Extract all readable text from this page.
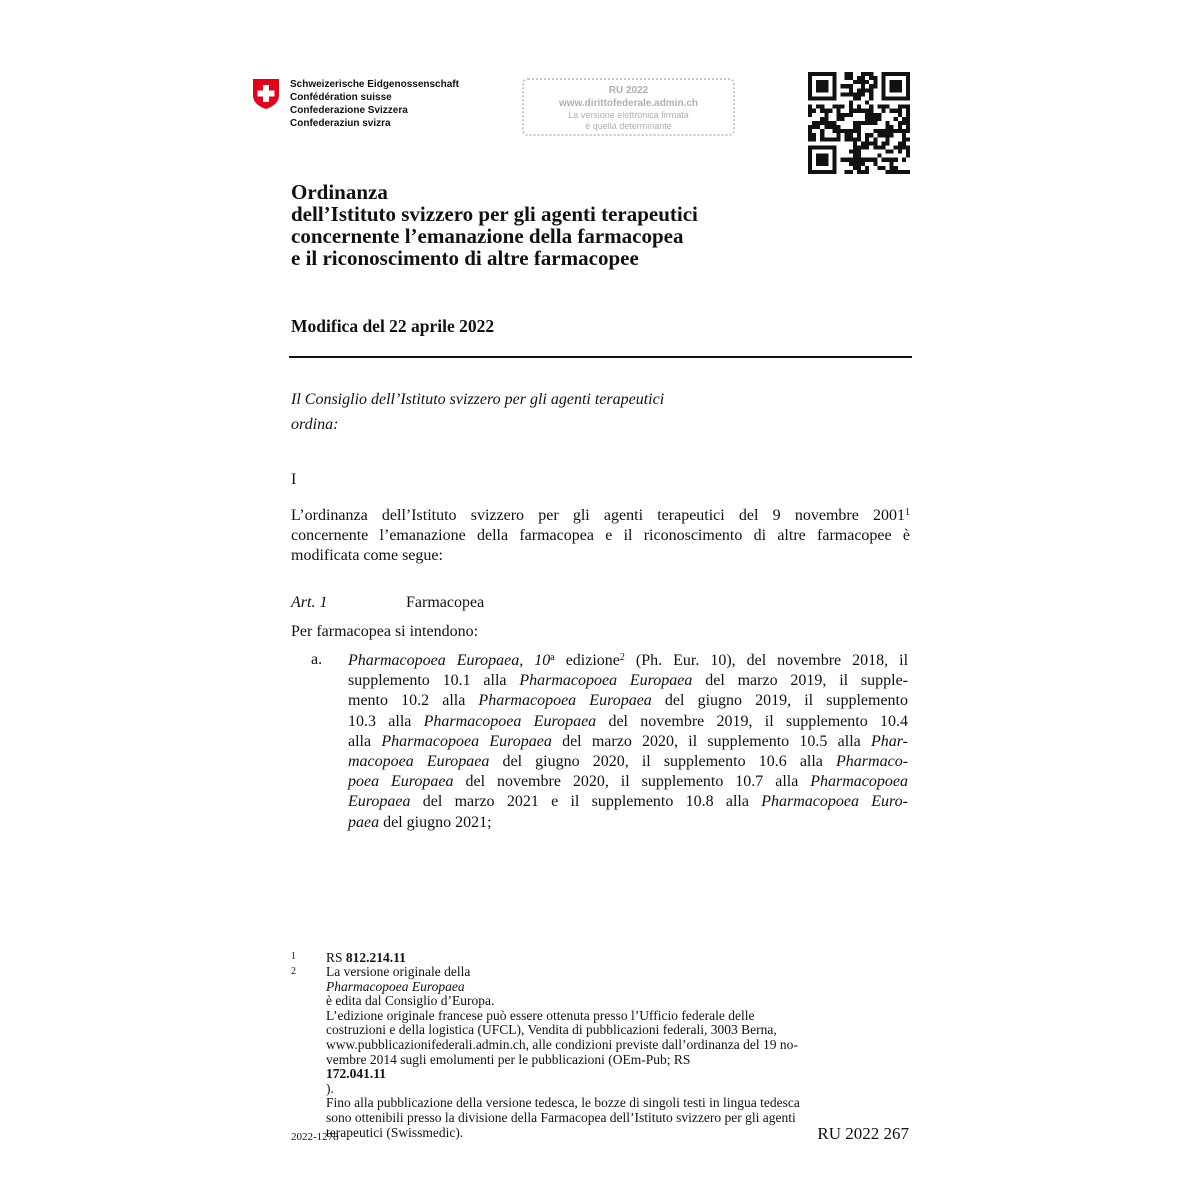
Schweizerische Eidgenossenschaft
Confédération suisse
Confederazione Svizzera
Confederaziun svizra
RU 2022
www.dirittofederale.admin.ch
La versione elettronica firmata
è quella determinante
Ordinanza
dell’Istituto svizzero per gli agenti terapeutici
concernente l’emanazione della farmacopea
e il riconoscimento di altre farmacopee
Modifica del 22 aprile 2022
Il Consiglio dell’Istituto svizzero per gli agenti terapeutici
ordina:
I
L’ordinanza dell’Istituto svizzero per gli agenti terapeutici del 9 novembre 2001$^1$
concernente l’emanazione della farmacopea e il riconoscimento di altre farmacopee è
modificata come segue:
Art. 1	Farmacopea
Per farmacopea si intendono:
a. Pharmacopoea Europaea, 10$^a$ edizione$^2$ (Ph. Eur. 10), del novembre 2018, il
supplemento 10.1 alla Pharmacopoea Europaea del marzo 2019, il supple-
mento 10.2 alla Pharmacopoea Europaea del giugno 2019, il supplemento
10.3 alla Pharmacopoea Europaea del novembre 2019, il supplemento 10.4
alla Pharmacopoea Europaea del marzo 2020, il supplemento 10.5 alla Phar-
macopoea Europaea del giugno 2020, il supplemento 10.6 alla Pharmaco-
poea Europaea del novembre 2020, il supplemento 10.7 alla Pharmacopoea
Europaea del marzo 2021 e il supplemento 10.8 alla Pharmacopoea Euro-
paea del giugno 2021;
1 RS 812.214.11
2 La versione originale della
Pharmacopoea Europaea
è edita dal Consiglio d’Europa.
L’edizione originale francese può essere ottenuta presso l’Ufficio federale delle
costruzioni e della logistica (UFCL), Vendita di pubblicazioni federali, 3003 Berna,
www.pubblicazionifederali.admin.ch, alle condizioni previste dall’ordinanza del 19 no-
vembre 2014 sugli emolumenti per le pubblicazioni (OEm-Pub; RS
172.041.11
).
Fino alla pubblicazione della versione tedesca, le bozze di singoli testi in lingua tedesca
sono ottenibili presso la divisione della Farmacopea dell’Istituto svizzero per gli agenti
terapeutici (Swissmedic).
2022-1278	RU 2022 267
